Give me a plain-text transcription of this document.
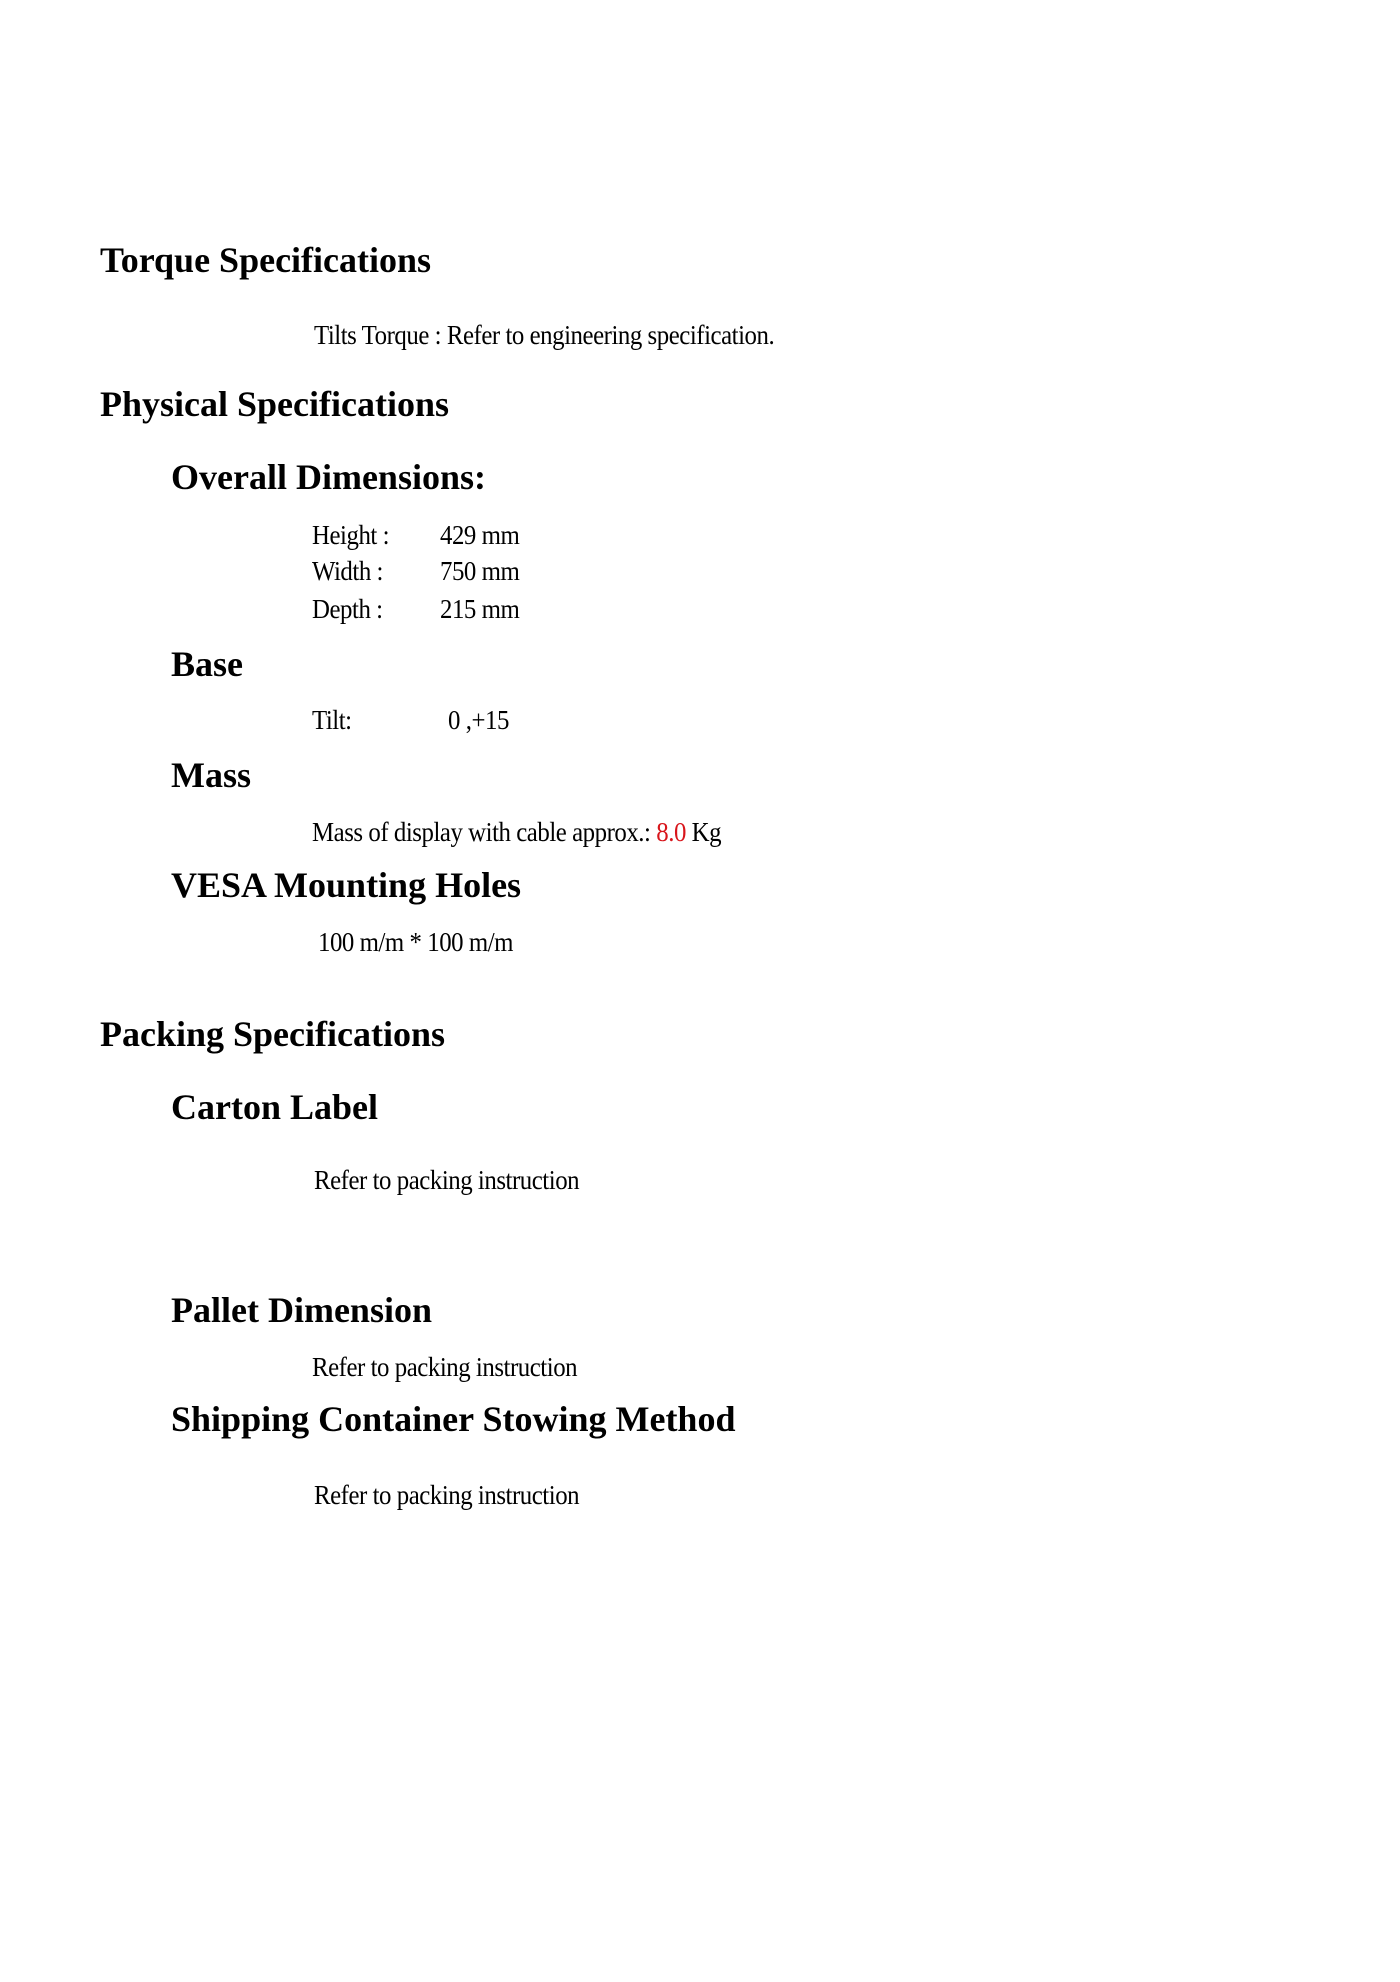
Torque Specifications
Tilts Torque : Refer to engineering specification.
Physical Specifications
Overall Dimensions:
Height : 429 mm
Width : 750 mm
Depth : 215 mm
Base
Tilt:	0 ,+15
Mass
Mass of display with cable approx.: 8.0 Kg
VESA Mounting Holes
100 m/m * 100 m/m
Packing Specifications
Carton Label
Refer to packing instruction
Pallet Dimension
Refer to packing instruction
Shipping Container Stowing Method
Refer to packing instruction
